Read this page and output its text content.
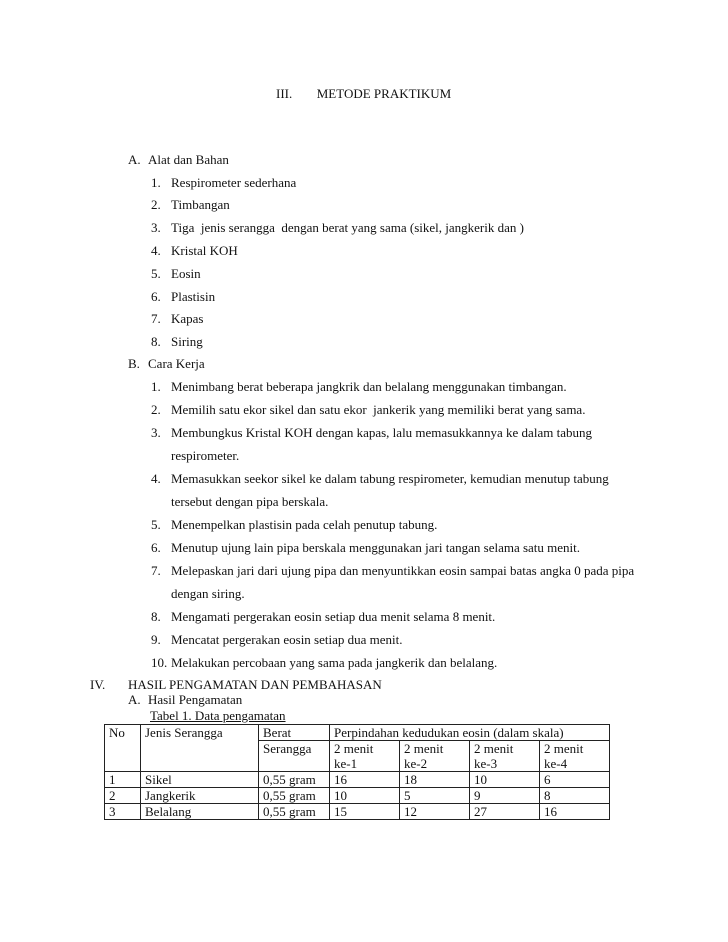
III. METODE PRAKTIKUM
A. Alat dan Bahan
1. Respirometer sederhana
2. Timbangan
3. Tiga  jenis serangga  dengan berat yang sama (sikel, jangkerik dan )
4. Kristal KOH
5. Eosin
6. Plastisin
7. Kapas
8. Siring
B. Cara Kerja
1. Menimbang berat beberapa jangkrik dan belalang menggunakan timbangan.
2. Memilih satu ekor sikel dan satu ekor  jankerik yang memiliki berat yang sama.
3. Membungkus Kristal KOH dengan kapas, lalu memasukkannya ke dalam tabung
respirometer.
4. Memasukkan seekor sikel ke dalam tabung respirometer, kemudian menutup tabung
tersebut dengan pipa berskala.
5. Menempelkan plastisin pada celah penutup tabung.
6. Menutup ujung lain pipa berskala menggunakan jari tangan selama satu menit.
7. Melepaskan jari dari ujung pipa dan menyuntikkan eosin sampai batas angka 0 pada pipa
dengan siring.
8. Mengamati pergerakan eosin setiap dua menit selama 8 menit.
9. Mencatat pergerakan eosin setiap dua menit.
10. Melakukan percobaan yang sama pada jangkerik dan belalang.
IV. HASIL PENGAMATAN DAN PEMBAHASAN
A. Hasil Pengamatan
Tabel 1. Data pengamatan
No	Jenis Serangga	Berat	Perpindahan kedudukan eosin (dalam skala)			
		Serangga	2 menit	2 menit	2 menit	2 menit
			ke-1	ke-2	ke-3	ke-4
1	Sikel	0,55 gram	16	18	10	6
2	Jangkerik	0,55 gram	10	5	9	8
3	Belalang	0,55 gram	15	12	27	16
